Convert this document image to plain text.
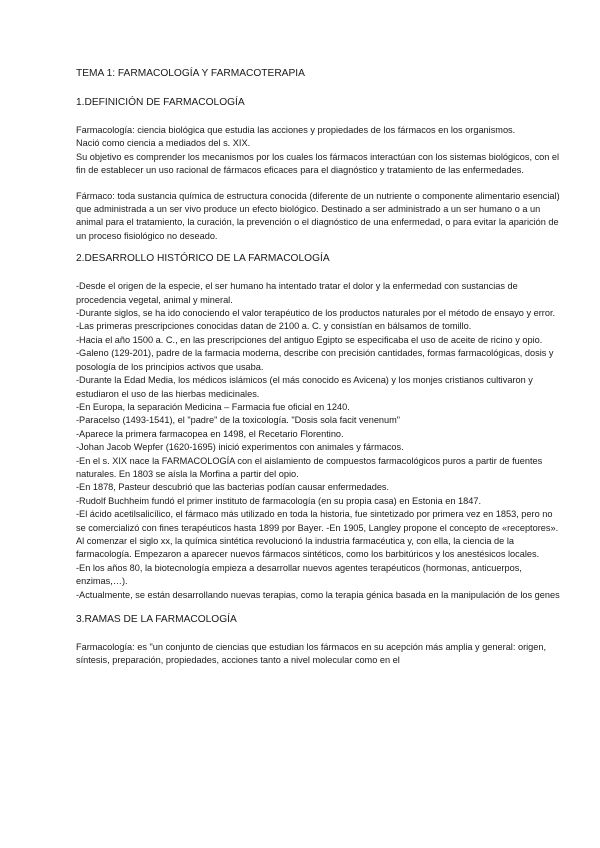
TEMA 1: FARMACOLOGÍA Y FARMACOTERAPIA

1.DEFINICIÓN DE FARMACOLOGÍA

Farmacología: ciencia biológica que estudia las acciones y propiedades de los fármacos en los organismos.

Nació como ciencia a mediados del s. XIX.

Su objetivo es comprender los mecanismos por los cuales los fármacos interactúan con los sistemas biológicos, con el fin de establecer un uso racional de fármacos eficaces para el diagnóstico y tratamiento de las enfermedades.

Fármaco: toda sustancia química de estructura conocida (diferente de un nutriente o componente alimentario esencial) que administrada a un ser vivo produce un efecto biológico. Destinado a ser administrado a un ser humano o a un animal para el tratamiento, la curación, la prevención o el diagnóstico de una enfermedad, o para evitar la aparición de un proceso fisiológico no deseado.

2.DESARROLLO HISTÓRICO DE LA FARMACOLOGÍA

-Desde el origen de la especie, el ser humano ha intentado tratar el dolor y la enfermedad con sustancias de procedencia vegetal, animal y mineral.
-Durante siglos, se ha ido conociendo el valor terapéutico de los productos naturales por el método de ensayo y error.
-Las primeras prescripciones conocidas datan de 2100 a. C. y consistían en bálsamos de tomillo.
-Hacia el año 1500 a. C., en las prescripciones del antiguo Egipto se especificaba el uso de aceite de ricino y opio.
-Galeno (129-201), padre de la farmacia moderna, describe con precisión cantidades, formas farmacológicas, dosis y posología de los principios activos que usaba.
-Durante la Edad Media, los médicos islámicos (el más conocido es Avicena) y los monjes cristianos cultivaron y estudiaron el uso de las hierbas medicinales.
-En Europa, la separación Medicina – Farmacia fue oficial en 1240.
-Paracelso (1493-1541), el "padre" de la toxicología. "Dosis sola facit venenum"
-Aparece la primera farmacopea en 1498, el Recetario Florentino.
-Johan Jacob Wepfer (1620-1695) inició experimentos con animales y fármacos.
-En el s. XIX nace la FARMACOLOGÍA con el aislamiento de compuestos farmacológicos puros a partir de fuentes naturales. En 1803 se aísla la Morfina a partir del opio.
-En 1878, Pasteur descubrió que las bacterias podían causar enfermedades.
-Rudolf Buchheim fundó el primer instituto de farmacología (en su propia casa) en Estonia en 1847.
-El ácido acetilsalicílico, el fármaco más utilizado en toda la historia, fue sintetizado por primera vez en 1853, pero no se comercializó con fines terapéuticos hasta 1899 por Bayer. -En 1905, Langley propone el concepto de «receptores». Al comenzar el siglo xx, la química sintética revolucionó la industria farmacéutica y, con ella, la ciencia de la farmacología. Empezaron a aparecer nuevos fármacos sintéticos, como los barbitúricos y los anestésicos locales.
-En los años 80, la biotecnología empieza a desarrollar nuevos agentes terapéuticos (hormonas, anticuerpos, enzimas,…).
-Actualmente, se están desarrollando nuevas terapias, como la terapia génica basada en la manipulación de los genes

3.RAMAS DE LA FARMACOLOGÍA

Farmacología: es "un conjunto de ciencias que estudian los fármacos en su acepción más amplia y general: origen, síntesis, preparación, propiedades, acciones tanto a nivel molecular como en el
